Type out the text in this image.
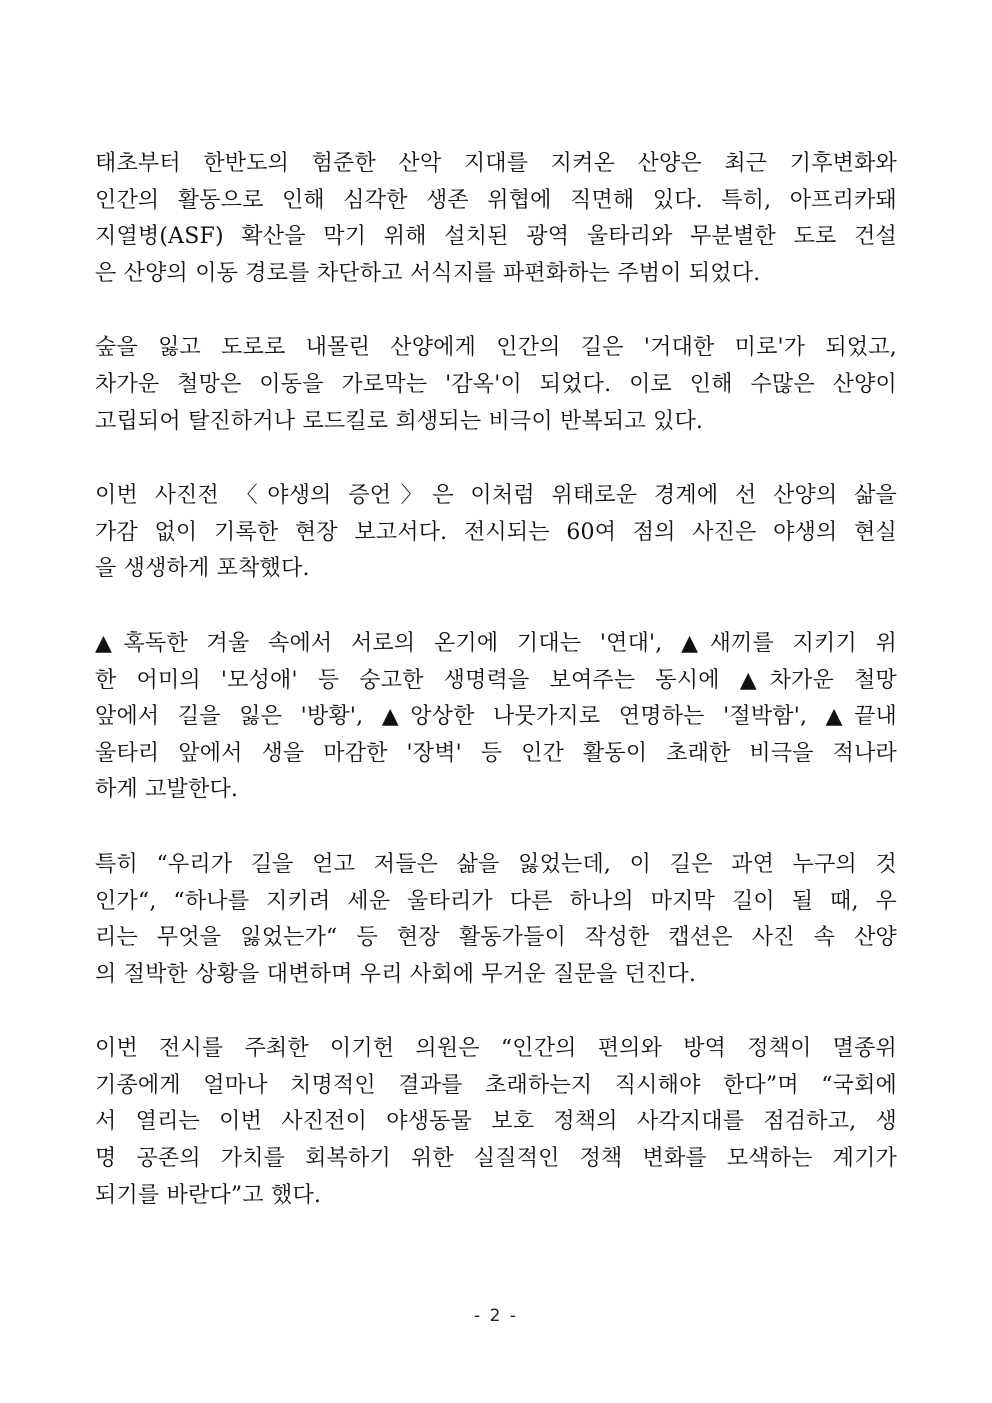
태초부터 한반도의 험준한 산악 지대를 지켜온 산양은 최근 기후변화와
인간의 활동으로 인해 심각한 생존 위협에 직면해 있다. 특히, 아프리카돼
지열병(ASF) 확산을 막기 위해 설치된 광역 울타리와 무분별한 도로 건설
은 산양의 이동 경로를 차단하고 서식지를 파편화하는 주범이 되었다.
숲을 잃고 도로로 내몰린 산양에게 인간의 길은 '거대한 미로'가 되었고,
차가운 철망은 이동을 가로막는 '감옥'이 되었다. 이로 인해 수많은 산양이
고립되어 탈진하거나 로드킬로 희생되는 비극이 반복되고 있다.
이번 사진전 〈야생의 증언〉은 이처럼 위태로운 경계에 선 산양의 삶을
가감 없이 기록한 현장 보고서다. 전시되는 60여 점의 사진은 야생의 현실
을 생생하게 포착했다.
▲혹독한 겨울 속에서 서로의 온기에 기대는 '연대', ▲새끼를 지키기 위
한 어미의 '모성애' 등 숭고한 생명력을 보여주는 동시에 ▲차가운 철망
앞에서 길을 잃은 '방황', ▲앙상한 나뭇가지로 연명하는 '절박함', ▲끝내
울타리 앞에서 생을 마감한 '장벽' 등 인간 활동이 초래한 비극을 적나라
하게 고발한다.
특히 “우리가 길을 얻고 저들은 삶을 잃었는데, 이 길은 과연 누구의 것
인가“, “하나를 지키려 세운 울타리가 다른 하나의 마지막 길이 될 때, 우
리는 무엇을 잃었는가“ 등 현장 활동가들이 작성한 캡션은 사진 속 산양
의 절박한 상황을 대변하며 우리 사회에 무거운 질문을 던진다.
이번 전시를 주최한 이기헌 의원은 “인간의 편의와 방역 정책이 멸종위
기종에게 얼마나 치명적인 결과를 초래하는지 직시해야 한다”며 “국회에
서 열리는 이번 사진전이 야생동물 보호 정책의 사각지대를 점검하고, 생
명 공존의 가치를 회복하기 위한 실질적인 정책 변화를 모색하는 계기가
되기를 바란다”고 했다.
- 2 -
